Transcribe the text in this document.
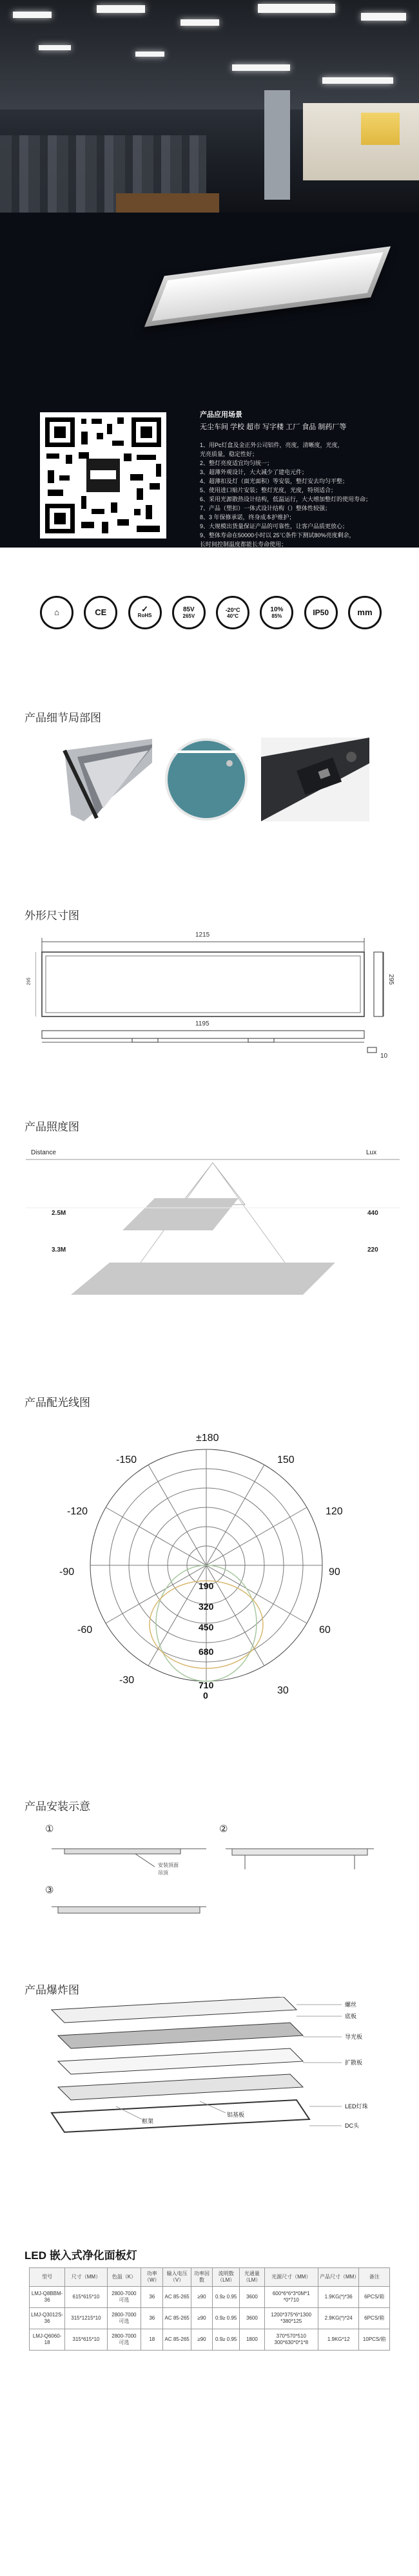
产品应用场景
无尘车间 学校 超市 写字楼 工厂 食品 制药厂等
1、用Pc灯盒及金正外公司铝件，亮度，清晰度，光度，
光亮质量，稳定性好；
2、整灯亮度适宜均匀统一；
3、超薄外观设计，大大减少了建电元件；
4、超薄扣及灯（面光面积）等安装，整灯安去均匀平整；
5、使用进口贴片安装；整灯光度，光度，特别适合；
6、采用光源散热设计结构，低温运行，大大增加整灯的使用寿命；
7、产品（塑扣）一体式设计结构（）整体性较强；
8、3 年保修承诺，终身成本护维护；
9、大规模出货量保证产品的可靠性，让客户品质更放心；
9、整体寿命在50000小时以 25℃条件下测试80%亮度剩余，
长时间控制温度都能长寿命使用；
⌂	CE	✓
RoHS
85V
265V
-20°C
40°C
10%
85%	IP50	mm
产品细节局部图
外形尺寸图
1215
295
295
1195
10
产品照度图
Distance	Lux
2.5M	440
3.3M	220
产品配光线图
±180
-150	150
-120	120
-90	90
-60	60
-30
30
0
190
320
450
680
710
产品安装示意
①	②
③
安装顶面
吊顶
产品爆炸图
螺丝
底板
导光板
扩散板
LED灯珠
DC头
框架
铝基板
LED 嵌入式净化面板灯
型号	尺寸（MM）	色温（K）	功率（W）	输入电压（V）	功率因数	流明数（LM）	光通量（LM）	光源尺寸（MM）	产品尺寸（MM）	备注
LMJ-Q8BBM-36	615*615*10	2800-7000 可选	36	AC 85-265	≥90	0.9≥ 0.95	3600	600*6*6*3*0M*1 *0*710	1.9KG(*)*36	6PCS/箱
LMJ-Q3012S-36	315*1215*10	2800-7000 可选	36	AC 85-265	≥90	0.9≥ 0.95	3600	1200*375*6*1300 *380*125	2.9KG(*)*24	6PCS/箱
LMJ-Q6060-18	315*615*10	2800-7000 可选	18	AC 85-265	≥90	0.9≥ 0.95	1800	370*570*510 300*630*0*1*8	1.9KG*12	10PCS/箱
